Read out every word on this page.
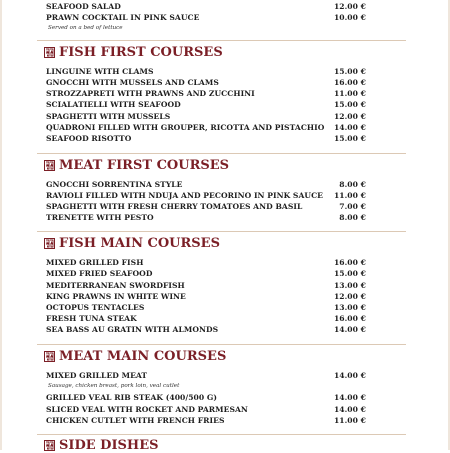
SEAFOOD SALAD	12.00 €
PRAWN COCKTAIL IN PINK SAUCE	10.00 €
Served on a bed of lettuce
FISH FIRST COURSES
LINGUINE WITH CLAMS	15.00 €
GNOCCHI WITH MUSSELS AND CLAMS	16.00 €
STROZZAPRETI WITH PRAWNS AND ZUCCHINI	11.00 €
SCIALATIELLI WITH SEAFOOD	15.00 €
SPAGHETTI WITH MUSSELS	12.00 €
QUADRONI FILLED WITH GROUPER, RICOTTA AND PISTACHIO 14.00 €
SEAFOOD RISOTTO	15.00 €
MEAT FIRST COURSES
GNOCCHI SORRENTINA STYLE	8.00 €
RAVIOLI FILLED WITH NDUJA AND PECORINO IN PINK SAUCE 11.00 €
SPAGHETTI WITH FRESH CHERRY TOMATOES AND BASIL	7.00 €
TRENETTE WITH PESTO	8.00 €
FISH MAIN COURSES
MIXED GRILLED FISH	16.00 €
MIXED FRIED SEAFOOD	15.00 €
MEDITERRANEAN SWORDFISH	13.00 €
KING PRAWNS IN WHITE WINE	12.00 €
OCTOPUS TENTACLES	13.00 €
FRESH TUNA STEAK	16.00 €
SEA BASS AU GRATIN WITH ALMONDS	14.00 €
MEAT MAIN COURSES
MIXED GRILLED MEAT	14.00 €
Sausage, chicken breast, pork loin, veal cutlet
GRILLED VEAL RIB STEAK (400/500 G)	14.00 €
SLICED VEAL WITH ROCKET AND PARMESAN	14.00 €
CHICKEN CUTLET WITH FRENCH FRIES	11.00 €
SIDE DISHES
